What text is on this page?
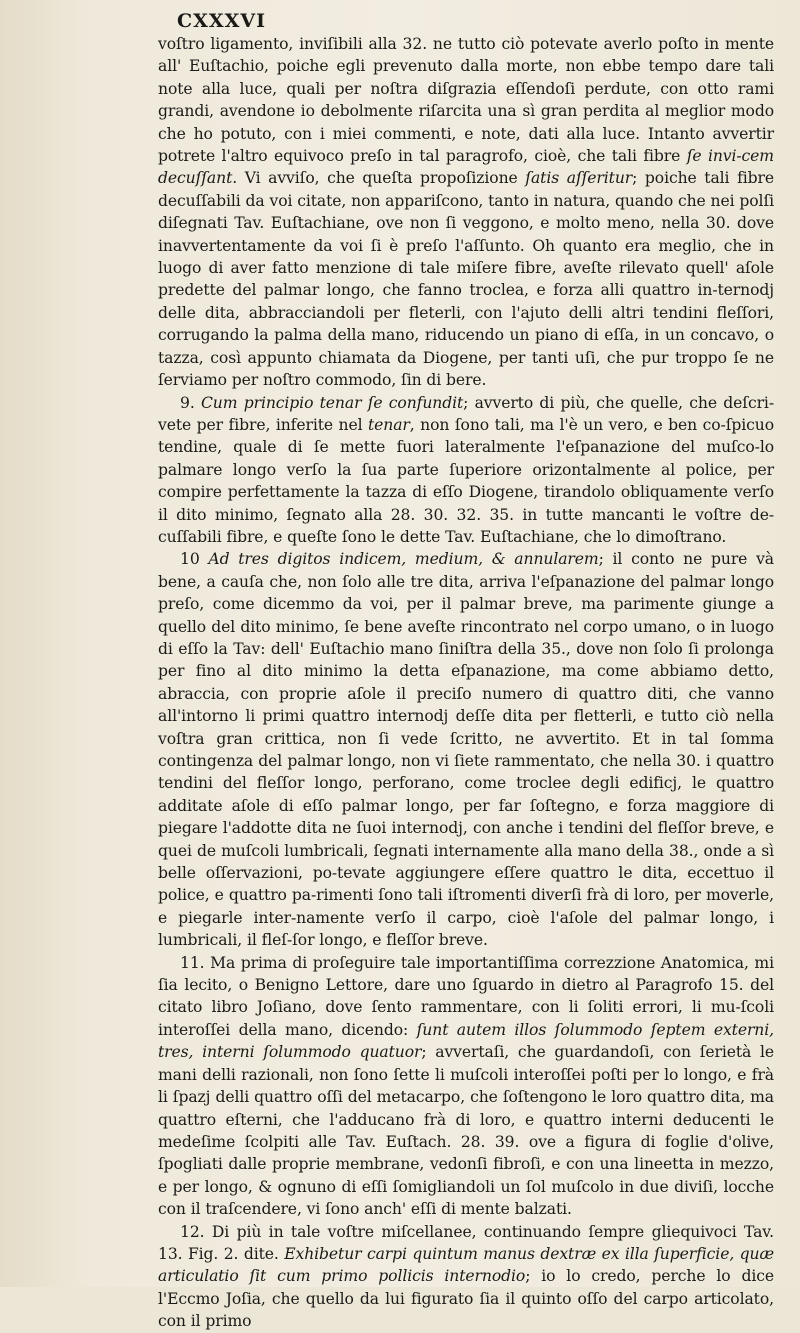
CXXXVI

voſtro ligamento, inviſibili alla 32. ne tutto ciò potevate averlo poſto in mente all' Euſtachio, poiche egli prevenuto dalla morte, non ebbe tempo dare tali note alla luce, quali per noſtra diſgrazia eſſendoſi perdute, con otto rami grandi, avendone io debolmente riſarcita una sì gran perdita al meglior modo che ho potuto, con i miei commenti, e note, dati alla luce. Intanto avvertir potrete l'altro equivoco preſo in tal paragrofo, cioè, che tali fibre ſe invi-cem decuſſant. Vi avviſo, che queſta propoſizione ſatis aſſeritur; poiche tali fibre decuſſabili da voi citate, non appariſcono, tanto in natura, quando che nei polſi diſegnati Tav. Euſtachiane, ove non ſi veggono, e molto meno, nella 30. dove inavvertentamente da voi ſi è preſo l'aſſunto. Oh quanto era meglio, che in luogo di aver fatto menzione di tale miſere fibre, aveſte rilevato quell' aſole predette del palmar longo, che fanno troclea, e forza alli quattro in-ternodj delle dita, abbracciandoli per fleterli, con l'ajuto delli altri tendini fleſſori, corrugando la palma della mano, riducendo un piano di eſſa, in un concavo, o tazza, così appunto chiamata da Diogene, per tanti uſi, che pur troppo ſe ne ſerviamo per noſtro commodo, ſin di bere.

9. Cum principio tenar ſe confundit; avverto di più, che quelle, che deſcri-vete per fibre, inferite nel tenar, non ſono tali, ma l'è un vero, e ben co-ſpicuo tendine, quale di ſe mette fuori lateralmente l'eſpanazione del muſco-lo palmare longo verſo la ſua parte ſuperiore orizontalmente al police, per compire perfettamente la tazza di eſſo Diogene, tirandolo obliquamente verſo il dito minimo, ſegnato alla 28. 30. 32. 35. in tutte mancanti le voſtre de-cuſſabili fibre, e queſte ſono le dette Tav. Euſtachiane, che lo dimoſtrano.

10 Ad tres digitos indicem, medium, & annularem; il conto ne pure và bene, a cauſa che, non ſolo alle tre dita, arriva l'eſpanazione del palmar longo preſo, come dicemmo da voi, per il palmar breve, ma parimente giunge a quello del dito minimo, ſe bene aveſte rincontrato nel corpo umano, o in luogo di eſſo la Tav: dell' Euſtachio mano ſiniſtra della 35., dove non ſolo ſi prolonga per fino al dito minimo la detta eſpanazione, ma come abbiamo detto, abraccia, con proprie aſole il preciſo numero di quattro diti, che vanno all'intorno li primi quattro internodj deſſe dita per fletterli, e tutto ciò nella voſtra gran crittica, non ſi vede ſcritto, ne avvertito. Et in tal ſomma contingenza del palmar longo, non vi ſiete rammentato, che nella 30. i quattro tendini del fleſſor longo, perforano, come troclee degli edificj, le quattro additate aſole di eſſo palmar longo, per far ſoſtegno, e forza maggiore di piegare l'addotte dita ne ſuoi internodj, con anche i tendini del fleſſor breve, e quei de muſcoli lumbricali, ſegnati internamente alla mano della 38., onde a sì belle oſſervazioni, po-tevate aggiungere eſſere quattro le dita, eccettuo il police, e quattro pa-rimenti ſono tali iſtromenti diverſi frà di loro, per moverle, e piegarle inter-namente verſo il carpo, cioè l'aſole del palmar longo, i lumbricali, il fleſ-ſor longo, e fleſſor breve.

11. Ma prima di proſeguire tale importantiſſima correzzione Anatomica, mi ſia lecito, o Benigno Lettore, dare uno ſguardo in dietro al Paragrofo 15. del citato libro Joſiano, dove ſento rammentare, con li ſoliti errori, li mu-ſcoli interoſſei della mano, dicendo: ſunt autem illos ſolummodo ſeptem externi, tres, interni ſolummodo quatuor; avvertaſi, che guardandoſi, con ſerietà le mani delli razionali, non ſono ſette li muſcoli interoſſei poſti per lo longo, e frà li ſpazj delli quattro oſſi del metacarpo, che ſoſtengono le loro quattro dita, ma quattro eſterni, che l'adducano frà di loro, e quattro interni deducenti le medeſime ſcolpiti alle Tav. Euſtach. 28. 39. ove a figura di foglie d'olive, ſpogliati dalle proprie membrane, vedonſi fibroſi, e con una lineetta in mezzo, e per longo, & ognuno di eſſi ſomigliandoli un ſol muſcolo in due diviſi, locche con il traſcendere, vi ſono anch' eſſi di mente balzati.

12. Di più in tale voſtre miſcellanee, continuando ſempre gliequivoci Tav. 13. Fig. 2. dite. Exhibetur carpi quintum manus dextræ ex illa ſuperficie, quæ articulatio ſit cum primo pollicis internodio; io lo credo, perche lo dice l'Eccmo Joſia, che quello da lui figurato ſia il quinto oſſo del carpo articolato, con il primo
